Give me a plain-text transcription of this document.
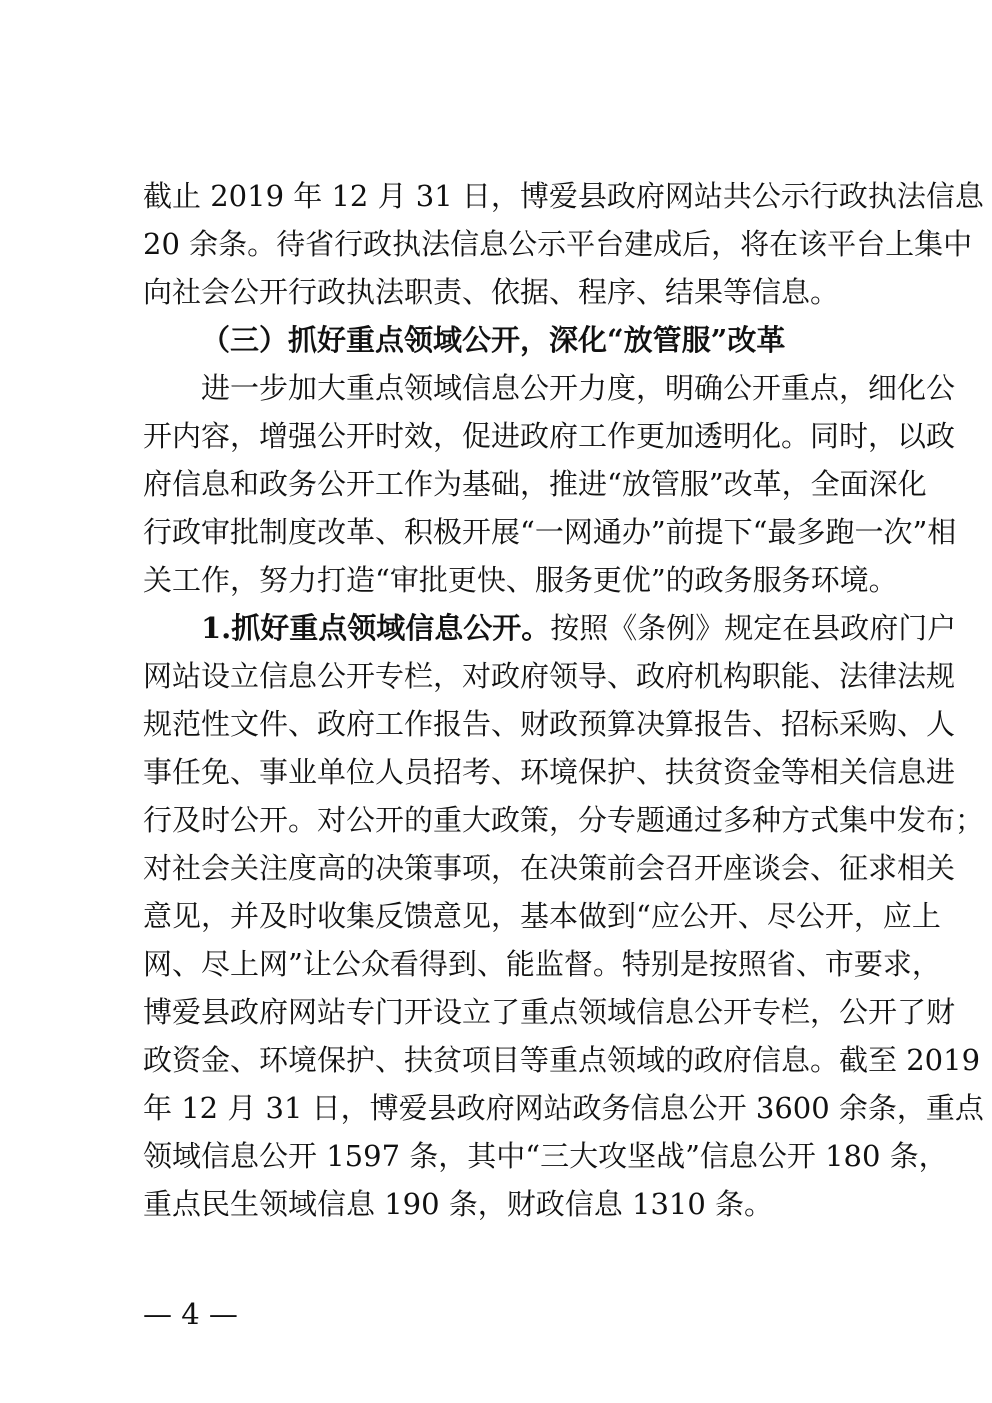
截止 2019 年 12 月 31 日，博爱县政府网站共公示行政执法信息
20 余条。待省行政执法信息公示平台建成后，将在该平台上集中
向社会公开行政执法职责、依据、程序、结果等信息。
（三）抓好重点领域公开，深化“放管服”改革
进一步加大重点领域信息公开力度，明确公开重点，细化公
开内容，增强公开时效，促进政府工作更加透明化。同时，以政
府信息和政务公开工作为基础，推进“放管服”改革，全面深化
行政审批制度改革、积极开展“一网通办”前提下“最多跑一次”相
关工作，努力打造“审批更快、服务更优”的政务服务环境。
1.抓好重点领域信息公开。按照《条例》规定在县政府门户
网站设立信息公开专栏，对政府领导、政府机构职能、法律法规
规范性文件、政府工作报告、财政预算决算报告、招标采购、人
事任免、事业单位人员招考、环境保护、扶贫资金等相关信息进
行及时公开。对公开的重大政策，分专题通过多种方式集中发布；
对社会关注度高的决策事项，在决策前会召开座谈会、征求相关
意见，并及时收集反馈意见，基本做到“应公开、尽公开，应上
网、尽上网”让公众看得到、能监督。特别是按照省、市要求，
博爱县政府网站专门开设立了重点领域信息公开专栏，公开了财
政资金、环境保护、扶贫项目等重点领域的政府信息。截至 2019
年 12 月 31 日，博爱县政府网站政务信息公开 3600 余条，重点
领域信息公开 1597 条，其中“三大攻坚战”信息公开 180 条，
重点民生领域信息 190 条，财政信息 1310 条。
— 4 —
